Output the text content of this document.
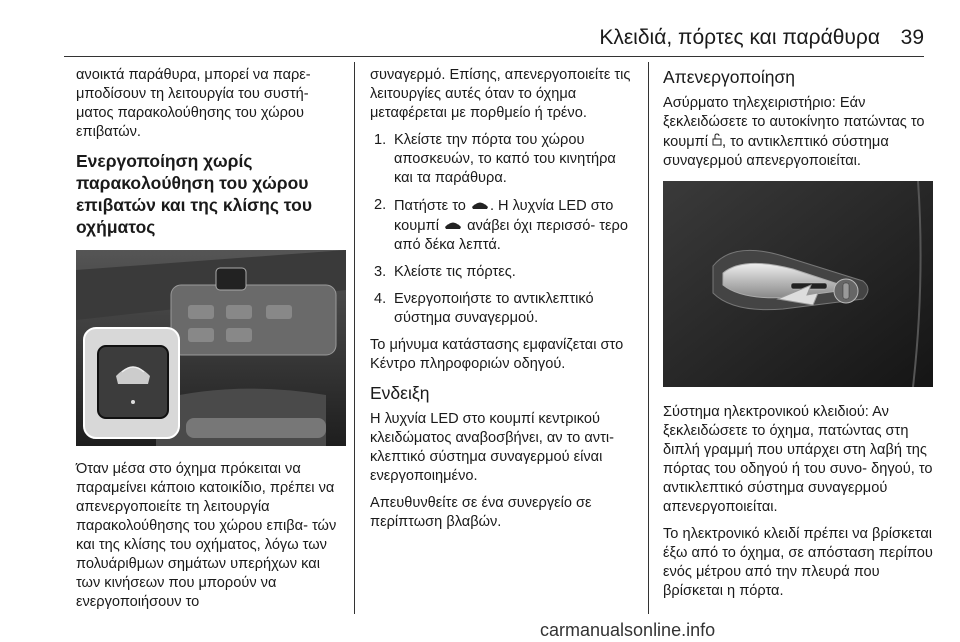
Κλειδιά, πόρτες και παράθυρα 39

ανοικτά παράθυρα, μπορεί να παρε- μποδίσουν τη λειτουργία του συστή- ματος παρακολούθησης του χώρου επιβατών.

Ενεργοποίηση χωρίς παρακολούθηση του χώρου επιβατών και της κλίσης του οχήματος

Όταν μέσα στο όχημα πρόκειται να παραμείνει κάποιο κατοικίδιο, πρέπει να απενεργοποιείτε τη λειτουργία παρακολούθησης του χώρου επιβα- τών και της κλίσης του οχήματος, λόγω των πολυάριθμων σημάτων υπερήχων και των κινήσεων που μπορούν να ενεργοποιήσουν το

συναγερμό. Επίσης, απενεργοποιείτε τις λειτουργίες αυτές όταν το όχημα μεταφέρεται με πορθμείο ή τρένο.

1. Κλείστε την πόρτα του χώρου αποσκευών, το καπό του κινητήρα και τα παράθυρα.
2. Πατήστε το . Η λυχνία LED στο κουμπί ανάβει όχι περισσό- τερο από δέκα λεπτά.
3. Κλείστε τις πόρτες.
4. Ενεργοποιήστε το αντικλεπτικό σύστημα συναγερμού.

Το μήνυμα κατάστασης εμφανίζεται στο Κέντρο πληροφοριών οδηγού.

Ενδειξη

Η λυχνία LED στο κουμπί κεντρικού κλειδώματος αναβοσβήνει, αν το αντι- κλεπτικό σύστημα συναγερμού είναι ενεργοποιημένο.

Απευθυνθείτε σε ένα συνεργείο σε περίπτωση βλαβών.

Απενεργοποίηση

Ασύρματο τηλεχειριστήριο: Εάν ξεκλειδώσετε το αυτοκίνητο πατώντας το κουμπί , το αντικλεπτικό σύστημα συναγερμού απενεργοποιείται.

Σύστημα ηλεκτρονικού κλειδιού: Αν ξεκλειδώσετε το όχημα, πατώντας στη διπλή γραμμή που υπάρχει στη λαβή της πόρτας του οδηγού ή του συνο- δηγού, το αντικλεπτικό σύστημα συναγερμού απενεργοποιείται.

Το ηλεκτρονικό κλειδί πρέπει να βρίσκεται έξω από το όχημα, σε απόσταση περίπου ενός μέτρου από την πλευρά που βρίσκεται η πόρτα.

carmanualsonline.info
